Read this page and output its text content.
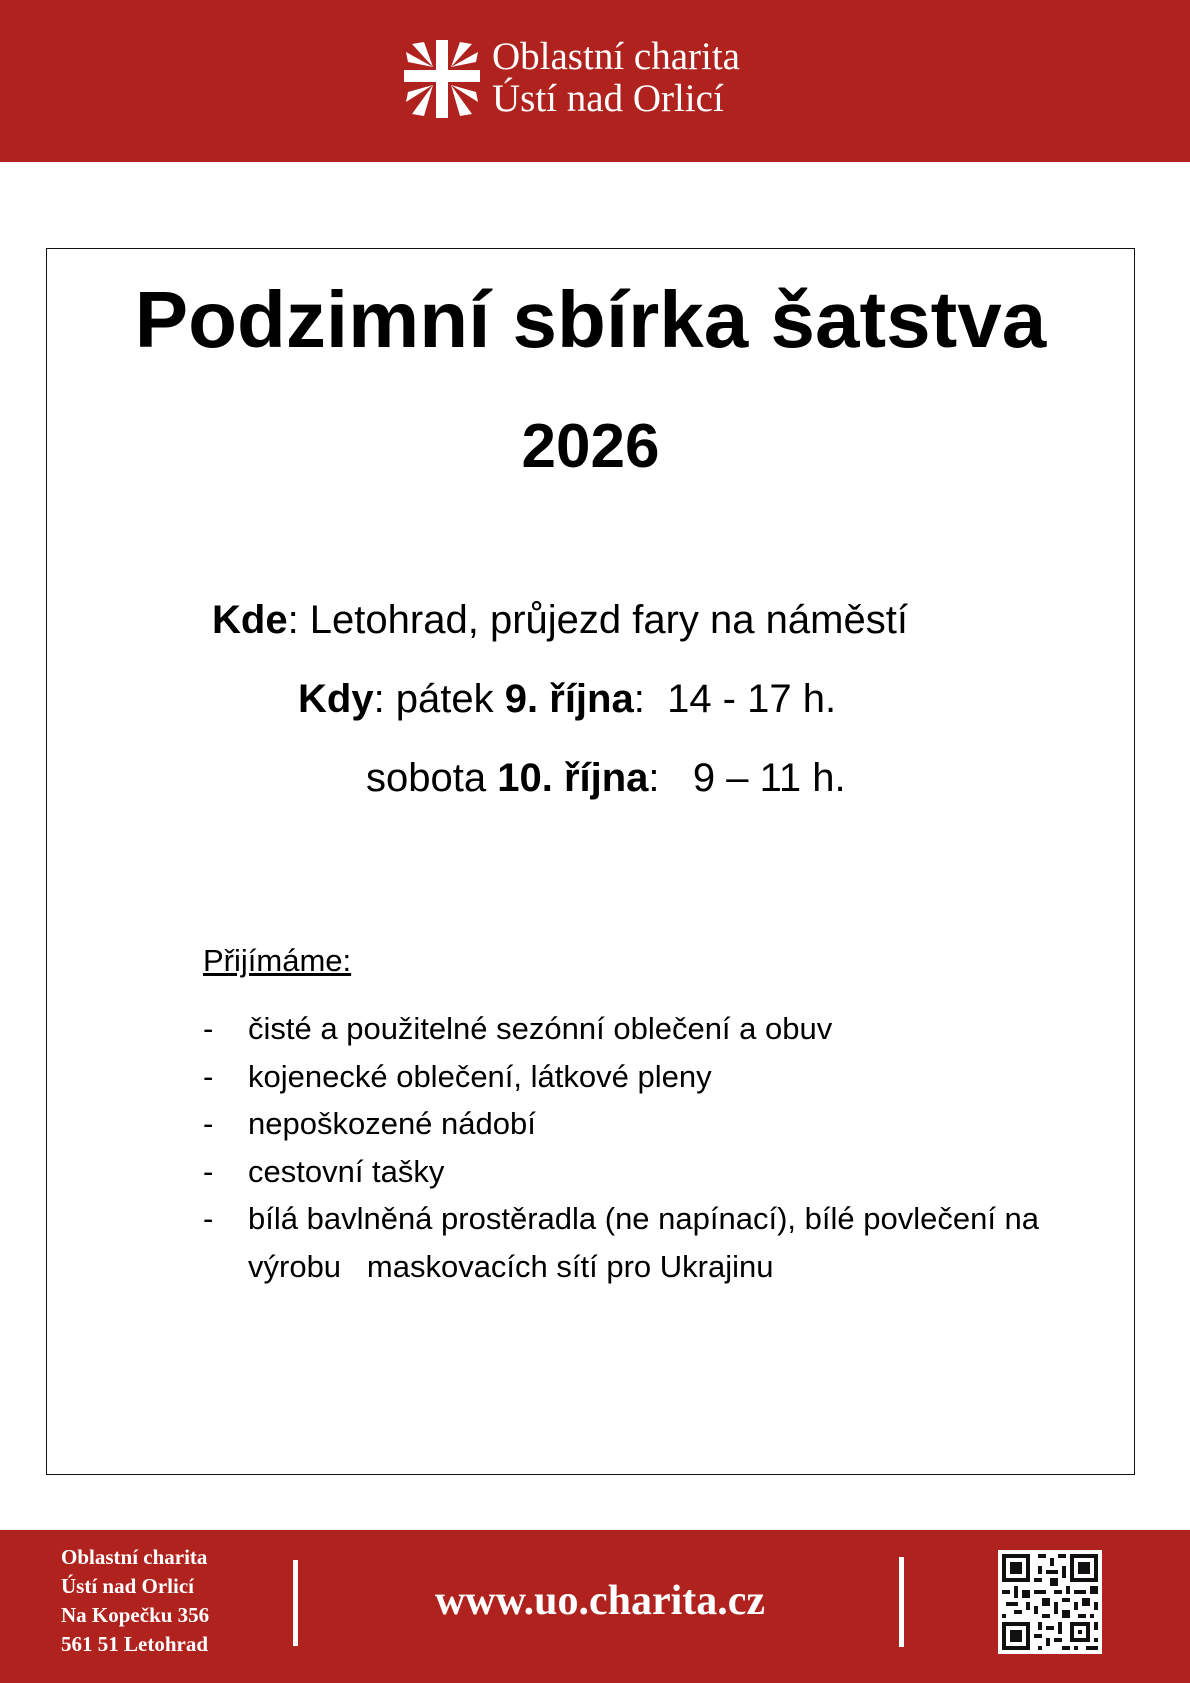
Oblastní charita
Ústí nad Orlicí
Podzimní sbírka šatstva
2026
Kde: Letohrad, průjezd fary na náměstí
Kdy: pátek 9. října:  14 - 17 h.
sobota 10. října:   9 – 11 h.
Přijímáme:
- čisté a použitelné sezónní oblečení a obuv
- kojenecké oblečení, látkové pleny
- nepoškozené nádobí
- cestovní tašky
- bílá bavlněná prostěradla (ne napínací), bílé povlečení na výrobu   maskovacích sítí pro Ukrajinu
Oblastní charita
Ústí nad Orlicí
Na Kopečku 356
561 51 Letohrad
www.uo.charita.cz
